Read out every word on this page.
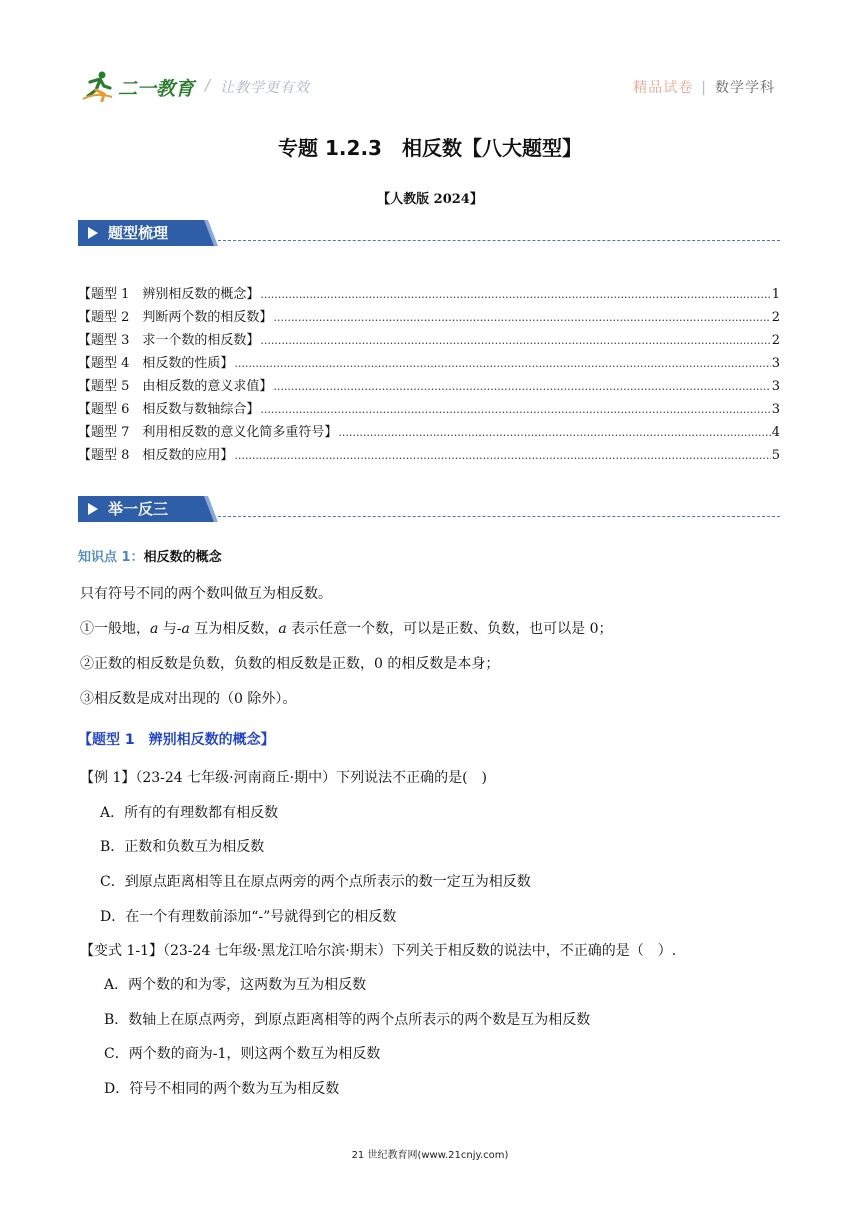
二一教育 / 让教学更有效	精品试卷 | 数学学科
专题 1.2.3　相反数【八大题型】
【人教版 2024】
题型梳理
【题型 1　辨别相反数的概念】 .....	1
【题型 2　判断两个数的相反数】 .....	2
【题型 3　求一个数的相反数】 .....	2
【题型 4　相反数的性质】 .....	3
【题型 5　由相反数的意义求值】 .....	3
【题型 6　相反数与数轴综合】 .....	3
【题型 7　利用相反数的意义化简多重符号】 .....	4
【题型 8　相反数的应用】 .....	5
举一反三
知识点 1：相反数的概念
只有符号不同的两个数叫做互为相反数。
①一般地，a 与-a 互为相反数，a 表示任意一个数，可以是正数、负数，也可以是 0；
②正数的相反数是负数，负数的相反数是正数，0 的相反数是本身；
③相反数是成对出现的（0 除外）。
【题型 1　辨别相反数的概念】
【例 1】（23-24 七年级·河南商丘·期中）下列说法不正确的是(　)
A．所有的有理数都有相反数
B．正数和负数互为相反数
C．到原点距离相等且在原点两旁的两个点所表示的数一定互为相反数
D．在一个有理数前添加“-”号就得到它的相反数
【变式 1-1】（23-24 七年级·黑龙江哈尔滨·期末）下列关于相反数的说法中，不正确的是（　）.
A．两个数的和为零，这两数为互为相反数
B．数轴上在原点两旁，到原点距离相等的两个点所表示的两个数是互为相反数
C．两个数的商为-1，则这两个数互为相反数
D．符号不相同的两个数为互为相反数
21 世纪教育网(www.21cnjy.com)
